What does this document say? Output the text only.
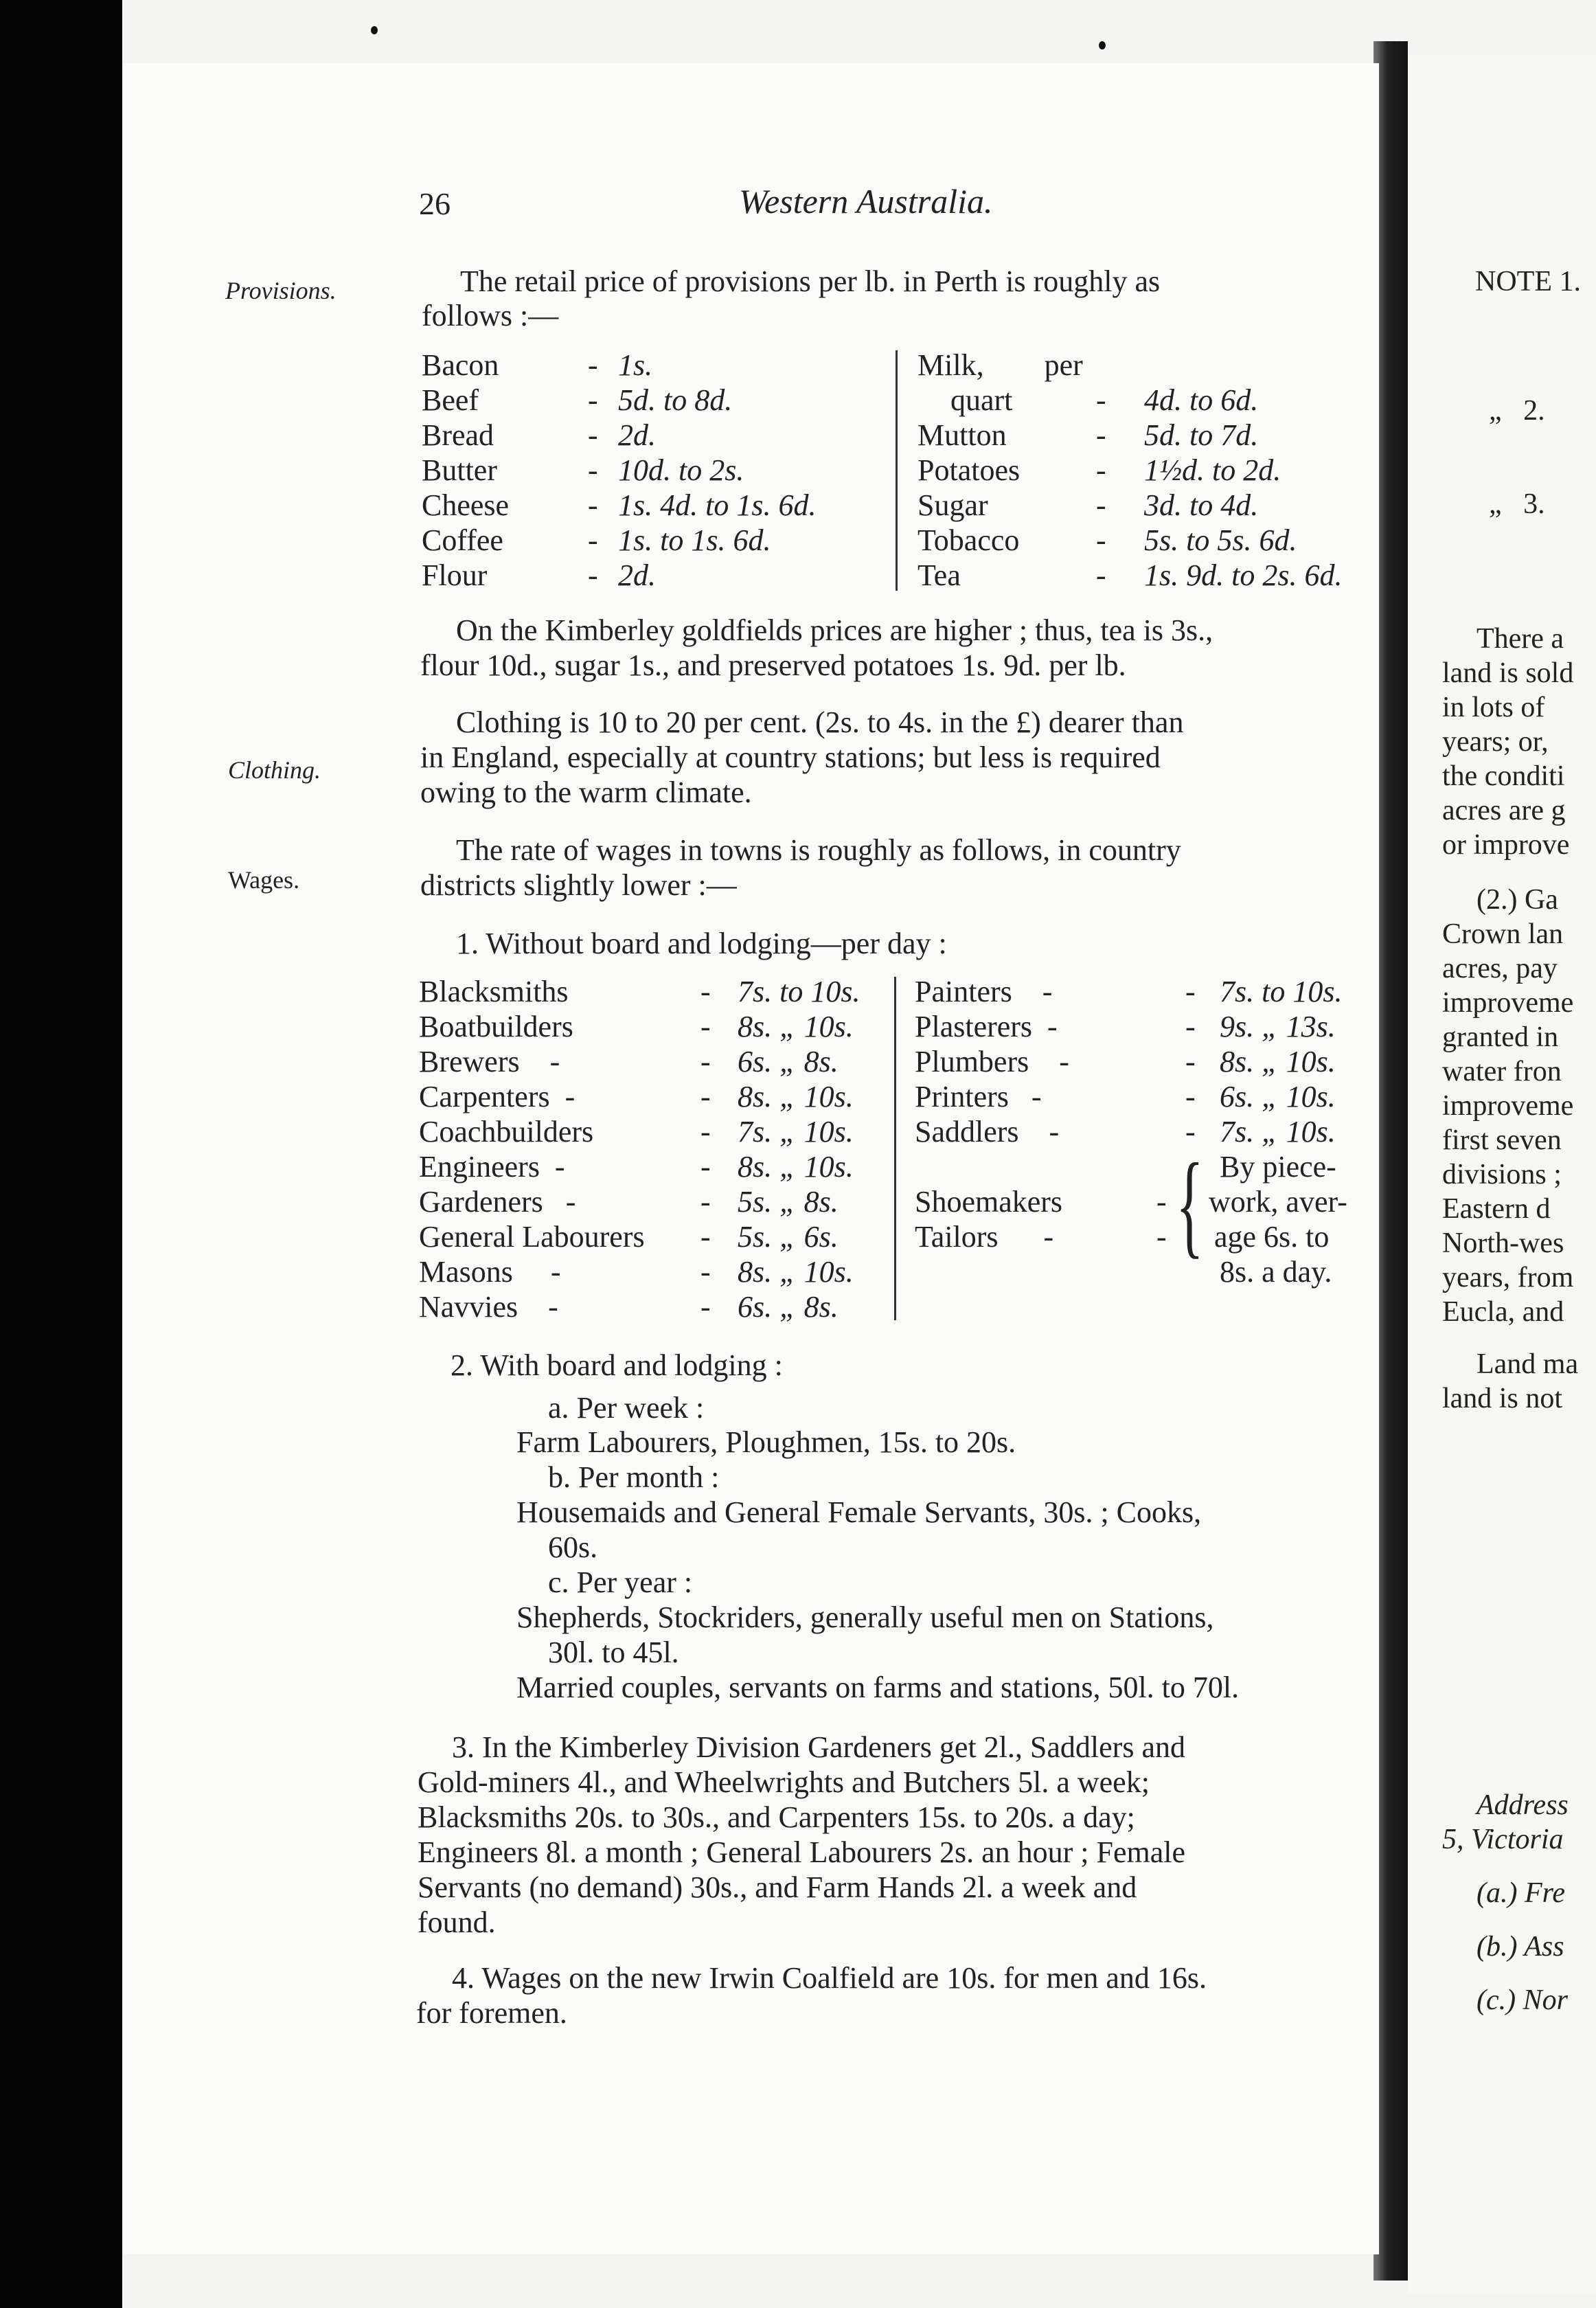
26	Western Australia.
Provisions.
Clothing.
Wages.
The retail price of provisions per lb. in Perth is roughly as
follows :—
Bacon	- 1s.
Beef	- 5d. to 8d.
Bread	- 2d.
Butter	- 10d. to 2s.
Cheese	- 1s. 4d. to 1s. 6d.
Coffee	- 1s. to 1s. 6d.
Flour	- 2d.
Milk,        per
quart	- 4d. to 6d.
Mutton	- 5d. to 7d.
Potatoes	- 1½d. to 2d.
Sugar	- 3d. to 4d.
Tobacco	- 5s. to 5s. 6d.
Tea	- 1s. 9d. to 2s. 6d.
On the Kimberley goldfields prices are higher ; thus, tea is 3s.,
flour 10d., sugar 1s., and preserved potatoes 1s. 9d. per lb.
Clothing is 10 to 20 per cent. (2s. to 4s. in the £) dearer than
in England, especially at country stations; but less is required
owing to the warm climate.
The rate of wages in towns is roughly as follows, in country
districts slightly lower :—
1. Without board and lodging—per day :
Blacksmiths	- 7s. to 10s.
Boatbuilders	- 8s. „ 10s.
Brewers    -	- 6s. „ 8s.
Carpenters  -	- 8s. „ 10s.
Coachbuilders	- 7s. „ 10s.
Engineers  -	- 8s. „ 10s.
Gardeners   -	- 5s. „ 8s.
General Labourers - 5s. „ 6s.
Masons     -	- 8s. „ 10s.
Navvies    -	- 6s. „ 8s.
Painters    -	- 7s. to 10s.
Plasterers  -	- 9s. „ 13s.
Plumbers    -	- 8s. „ 10s.
Printers   -	- 6s. „ 10s.
Saddlers    -	- 7s. „ 10s.
Shoemakers	-
Tailors      -	- { By piece-
work, aver-
age 6s. to
8s. a day.
2. With board and lodging :
a. Per week :
Farm Labourers, Ploughmen, 15s. to 20s.
b. Per month :
Housemaids and General Female Servants, 30s. ; Cooks,
60s.
c. Per year :
Shepherds, Stockriders, generally useful men on Stations,
30l. to 45l.
Married couples, servants on farms and stations, 50l. to 70l.
3. In the Kimberley Division Gardeners get 2l., Saddlers and
Gold-miners 4l., and Wheelwrights and Butchers 5l. a week;
Blacksmiths 20s. to 30s., and Carpenters 15s. to 20s. a day;
Engineers 8l. a month ; General Labourers 2s. an hour ; Female
Servants (no demand) 30s., and Farm Hands 2l. a week and
found.
4. Wages on the new Irwin Coalfield are 10s. for men and 16s.
for foremen.
NOTE 1.
„   2.
„   3.
There a
land is sold
in lots of
years; or,
the conditi
acres are g
or improve
(2.) Ga
Crown lan
acres, pay
improveme
granted in
water fron
improveme
first seven
divisions ;
Eastern d
North-wes
years, from
Eucla, and
Land ma
land is not
Address
5, Victoria
(a.) Fre
(b.) Ass
(c.) Nor
